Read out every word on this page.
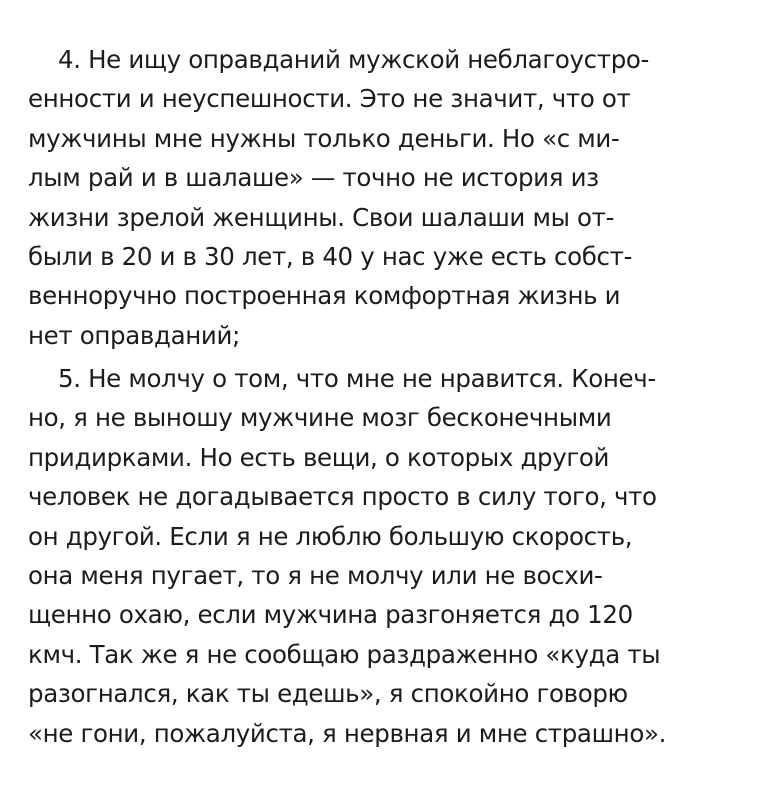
4. Не ищу оправданий мужской неблагоустро-
енности и неуспешности. Это не значит, что от
мужчины мне нужны только деньги. Но «с ми-
лым рай и в шалаше» — точно не история из
жизни зрелой женщины. Свои шалаши мы от-
были в 20 и в 30 лет, в 40 у нас уже есть собст-
венноручно построенная комфортная жизнь и
нет оправданий;

5. Не молчу о том, что мне не нравится. Конеч-
но, я не выношу мужчине мозг бесконечными
придирками. Но есть вещи, о которых другой
человек не догадывается просто в силу того, что
он другой. Если я не люблю большую скорость,
она меня пугает, то я не молчу или не восхи-
щенно охаю, если мужчина разгоняется до 120
кмч. Так же я не сообщаю раздраженно «куда ты
разогнался, как ты едешь», я спокойно говорю
«не гони, пожалуйста, я нервная и мне страшно».
